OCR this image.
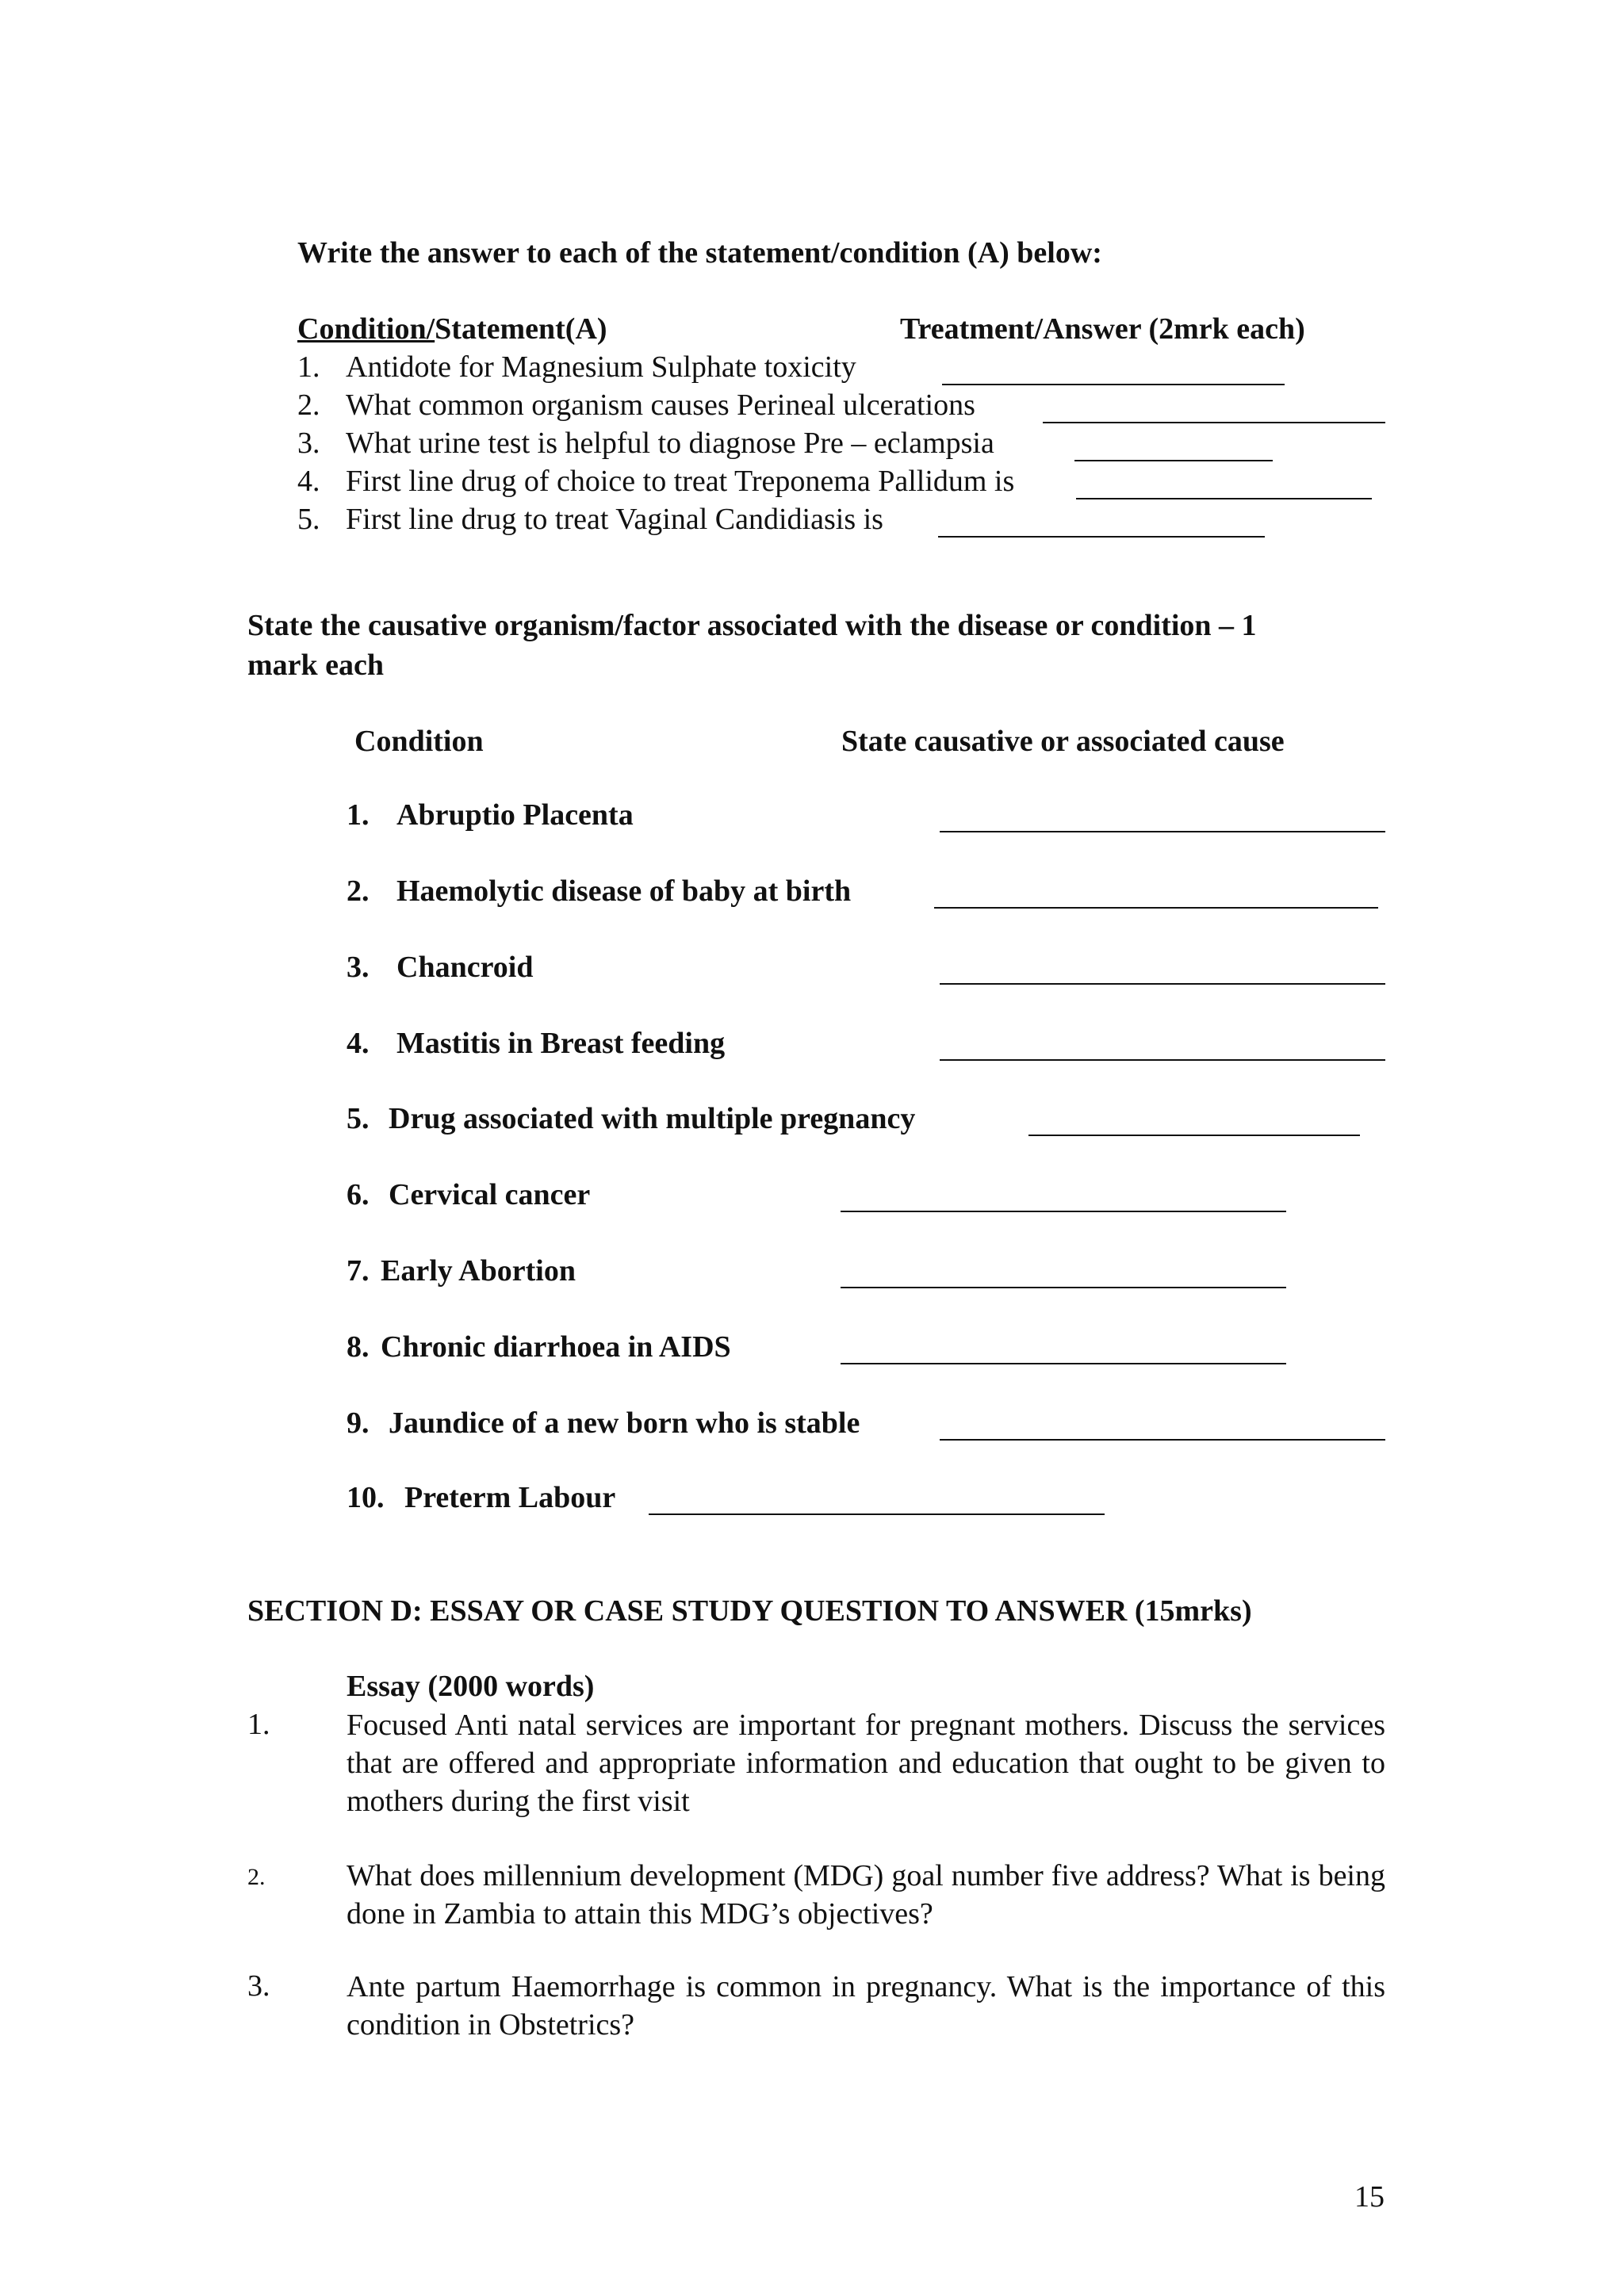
Write the answer to each of the statement/condition (A) below:
Condition/Statement(A)	Treatment/Answer (2mrk each)
1. Antidote for Magnesium Sulphate toxicity
2. What common organism causes Perineal ulcerations
3. What urine test is helpful to diagnose Pre – eclampsia
4. First line drug of choice to treat Treponema Pallidum is
5. First line drug to treat Vaginal Candidiasis is
State the causative organism/factor associated with the disease or condition – 1
mark each
Condition	State causative or associated cause
1. Abruptio Placenta
2. Haemolytic disease of baby at birth
3. Chancroid
4. Mastitis in Breast feeding
5. Drug associated with multiple pregnancy
6. Cervical cancer
7. Early Abortion
8. Chronic diarrhoea in AIDS
9. Jaundice of a new born who is stable
10. Preterm Labour
SECTION D: ESSAY OR CASE STUDY QUESTION TO ANSWER (15mrks)
Essay (2000 words)
1.	Focused Anti natal services are important for pregnant mothers. Discuss the services that are offered and appropriate information and education that ought to be given to mothers during the first visit
2.	What does millennium development (MDG) goal number five address? What is being done in Zambia to attain this MDG’s objectives?
3.	Ante partum Haemorrhage is common in pregnancy. What is the importance of this condition in Obstetrics?
15
